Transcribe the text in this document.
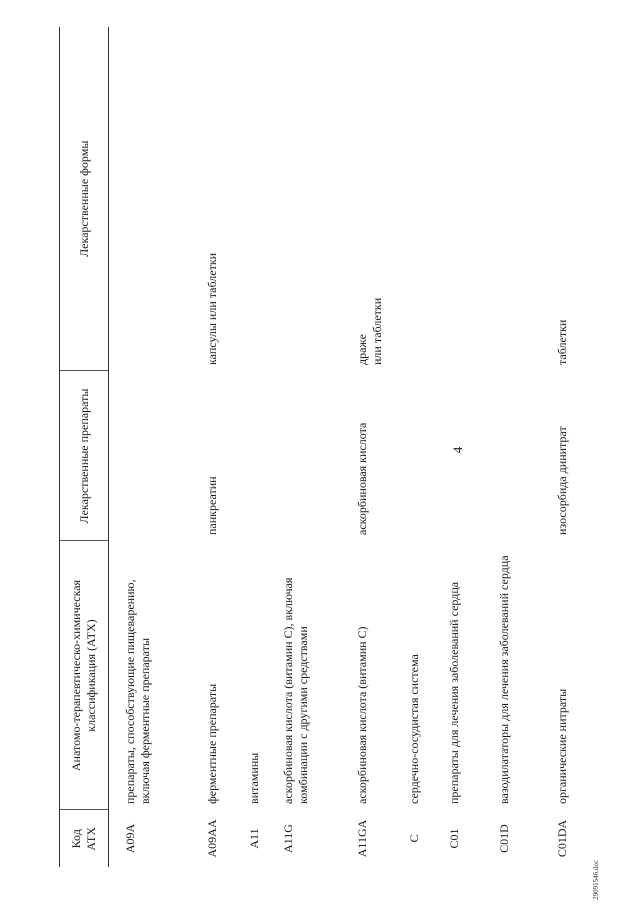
4
Код АТХ	Анатомо-терапевтическо-химическая классификация (АТХ)	Лекарственные препараты	Лекарственные формы	
A09A	препараты, способствующие пищеварению, включая ферментные препараты			
A09AA	ферментные препараты	панкреатин	капсулы или таблетки	
A11	витамины			
A11G	аскорбиновая кислота (витамин С), включая комбинации с другими средствами			
A11GA	аскорбиновая кислота (витамин С)	аскорбиновая кислота	драже
или таблетки	
C	сердечно-сосудистая система			
C01	препараты для лечения заболеваний сердца			
C01D	вазодилататоры для лечения заболеваний сердца			
C01DA	органические нитраты	изосорбида динитрат	таблетки	
29091546.doc
